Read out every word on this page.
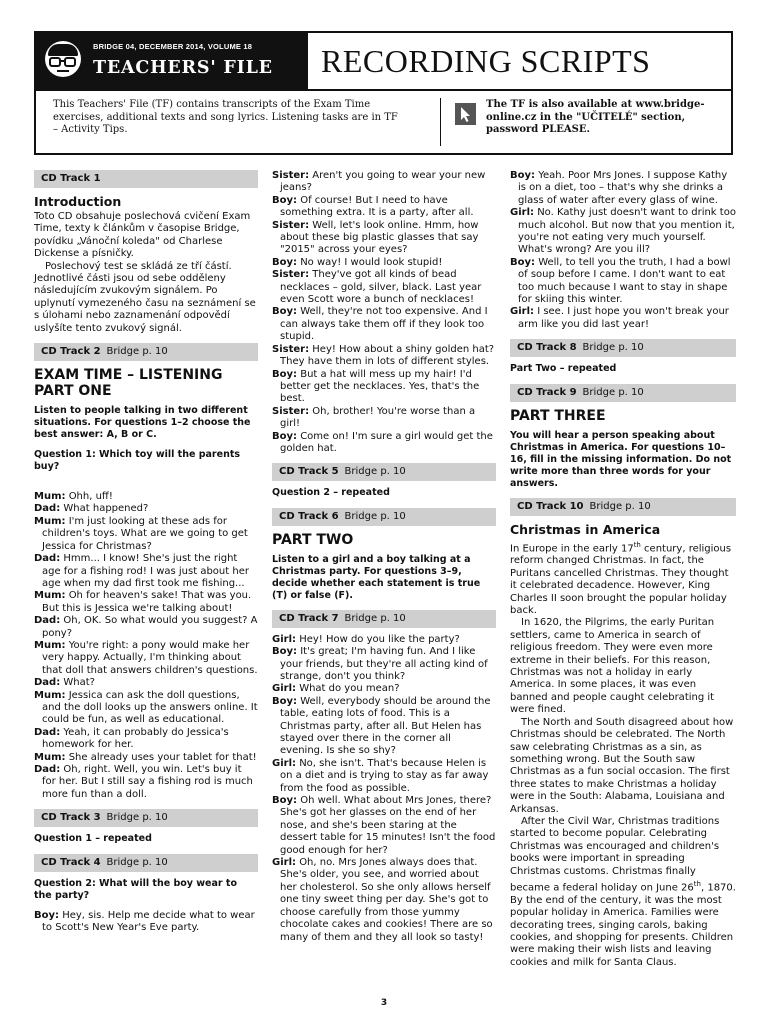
BRIDGE 04, DECEMBER 2014, VOLUME 18
TEACHERS' FILE RECORDING SCRIPTS
This Teachers' File (TF) contains transcripts of the Exam Time exercises, additional texts and song lyrics. Listening tasks are in TF – Activity Tips.
The TF is also available at www.bridge-online.cz in the "UČITELÉ" section, password PLEASE.
CD Track 1
Introduction

Toto CD obsahuje poslechová cvičení Exam Time, texty k článkům v časopise Bridge, povídku „Vánoční koleda" od Charlese Dickense a písničky.

Poslechový test se skládá ze tří částí. Jednotlivé části jsou od sebe odděleny následujícím zvukovým signálem. Po uplynutí vymezeného času na seznámení se s úlohami nebo zaznamenání odpovědí uslyšíte tento zvukový signál.

CD Track 2 Bridge p. 10
EXAM TIME – LISTENING PART ONE

Listen to people talking in two different situations. For questions 1–2 choose the best answer: A, B or C.

Question 1: Which toy will the parents buy?

Mum: Ohh, uff!

Dad: What happened?

Mum: I'm just looking at these ads for children's toys. What are we going to get Jessica for Christmas?

Dad: Hmm... I know! She's just the right age for a fishing rod! I was just about her age when my dad first took me fishing...

Mum: Oh for heaven's sake! That was you. But this is Jessica we're talking about!

Dad: Oh, OK. So what would you suggest? A pony?

Mum: You're right: a pony would make her very happy. Actually, I'm thinking about that doll that answers children's questions.

Dad: What?

Mum: Jessica can ask the doll questions, and the doll looks up the answers online. It could be fun, as well as educational.

Dad: Yeah, it can probably do Jessica's homework for her.

Mum: She already uses your tablet for that!

Dad: Oh, right. Well, you win. Let's buy it for her. But I still say a fishing rod is much more fun than a doll.

CD Track 3 Bridge p. 10

Question 1 – repeated

CD Track 4 Bridge p. 10

Question 2: What will the boy wear to the party?

Boy: Hey, sis. Help me decide what to wear to Scott's New Year's Eve party.

Sister: Aren't you going to wear your new jeans?

Boy: Of course! But I need to have something extra. It is a party, after all.

Sister: Well, let's look online. Hmm, how about these big plastic glasses that say "2015" across your eyes?

Boy: No way! I would look stupid!

Sister: They've got all kinds of bead necklaces – gold, silver, black. Last year even Scott wore a bunch of necklaces!

Boy: Well, they're not too expensive. And I can always take them off if they look too stupid.

Sister: Hey! How about a shiny golden hat? They have them in lots of different styles.

Boy: But a hat will mess up my hair! I'd better get the necklaces. Yes, that's the best.

Sister: Oh, brother! You're worse than a girl!

Boy: Come on! I'm sure a girl would get the golden hat.

CD Track 5 Bridge p. 10

Question 2 – repeated

CD Track 6 Bridge p. 10
PART TWO

Listen to a girl and a boy talking at a Christmas party. For questions 3–9, decide whether each statement is true (T) or false (F).

CD Track 7 Bridge p. 10

Girl: Hey! How do you like the party?

Boy: It's great; I'm having fun. And I like your friends, but they're all acting kind of strange, don't you think?

Girl: What do you mean?

Boy: Well, everybody should be around the table, eating lots of food. This is a Christmas party, after all. But Helen has stayed over there in the corner all evening. Is she so shy?

Girl: No, she isn't. That's because Helen is on a diet and is trying to stay as far away from the food as possible.

Boy: Oh well. What about Mrs Jones, there? She's got her glasses on the end of her nose, and she's been staring at the dessert table for 15 minutes! Isn't the food good enough for her?

Girl: Oh, no. Mrs Jones always does that. She's older, you see, and worried about her cholesterol. So she only allows herself one tiny sweet thing per day. She's got to choose carefully from those yummy chocolate cakes and cookies! There are so many of them and they all look so tasty!

Boy: Yeah. Poor Mrs Jones. I suppose Kathy is on a diet, too – that's why she drinks a glass of water after every glass of wine.

Girl: No. Kathy just doesn't want to drink too much alcohol. But now that you mention it, you're not eating very much yourself. What's wrong? Are you ill?

Boy: Well, to tell you the truth, I had a bowl of soup before I came. I don't want to eat too much because I want to stay in shape for skiing this winter.

Girl: I see. I just hope you won't break your arm like you did last year!

CD Track 8 Bridge p. 10

Part Two – repeated

CD Track 9 Bridge p. 10
PART THREE

You will hear a person speaking about Christmas in America. For questions 10–16, fill in the missing information. Do not write more than three words for your answers.

CD Track 10 Bridge p. 10
Christmas in America

In Europe in the early 17th century, religious reform changed Christmas. In fact, the Puritans cancelled Christmas. They thought it celebrated decadence. However, King Charles II soon brought the popular holiday back.

In 1620, the Pilgrims, the early Puritan settlers, came to America in search of religious freedom. They were even more extreme in their beliefs. For this reason, Christmas was not a holiday in early America. In some places, it was even banned and people caught celebrating it were fined.

The North and South disagreed about how Christmas should be celebrated. The North saw celebrating Christmas as a sin, as something wrong. But the South saw Christmas as a fun social occasion. The first three states to make Christmas a holiday were in the South: Alabama, Louisiana and Arkansas.

After the Civil War, Christmas traditions started to become popular. Celebrating Christmas was encouraged and children's books were important in spreading Christmas customs. Christmas finally became a federal holiday on June 26th, 1870. By the end of the century, it was the most popular holiday in America. Families were decorating trees, singing carols, baking cookies, and shopping for presents. Children were making their wish lists and leaving cookies and milk for Santa Claus.

3
